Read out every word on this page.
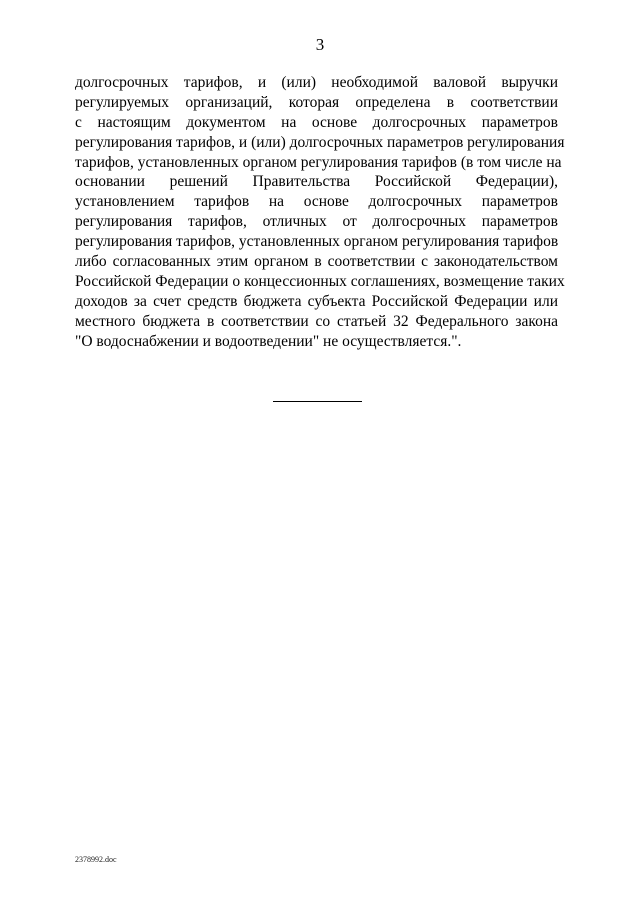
3
долгосрочных тарифов, и (или) необходимой валовой выручки
регулируемых организаций, которая определена в соответствии
с настоящим документом на основе долгосрочных параметров
регулирования тарифов, и (или) долгосрочных параметров регулирования
тарифов, установленных органом регулирования тарифов (в том числе на
основании решений Правительства Российской Федерации),
установлением тарифов на основе долгосрочных параметров
регулирования тарифов, отличных от долгосрочных параметров
регулирования тарифов, установленных органом регулирования тарифов
либо согласованных этим органом в соответствии с законодательством
Российской Федерации о концессионных соглашениях, возмещение таких
доходов за счет средств бюджета субъекта Российской Федерации или
местного бюджета в соответствии со статьей 32 Федерального закона
"О водоснабжении и водоотведении" не осуществляется.".
2378992.doc
